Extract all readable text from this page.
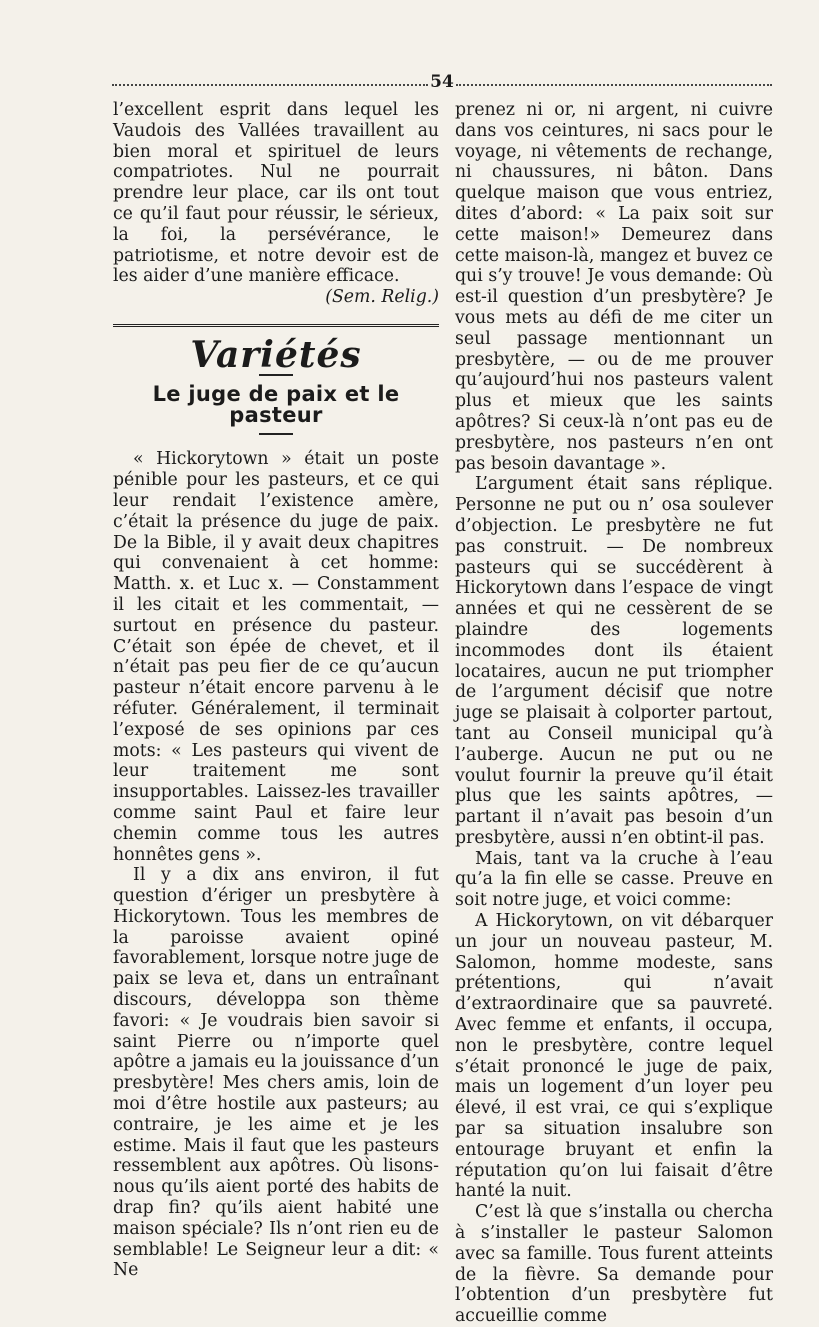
54

l’excellent esprit dans lequel les Vaudois des Vallées travaillent au bien moral et spirituel de leurs compatriotes. Nul ne pourrait prendre leur place, car ils ont tout ce qu’il faut pour réussir, le sérieux, la foi, la persévérance, le patriotisme, et notre devoir est de les aider d’une manière efficace.
(Sem. Relig.)

Variétés
Le juge de paix et le pasteur

« Hickorytown » était un poste pénible pour les pasteurs, et ce qui leur rendait l’existence amère, c’était la présence du juge de paix. De la Bible, il y avait deux chapitres qui convenaient à cet homme: Matth. x. et Luc x. — Constamment il les citait et les commentait, — surtout en présence du pasteur. C’était son épée de chevet, et il n’était pas peu fier de ce qu’aucun pasteur n’était encore parvenu à le réfuter. Généralement, il terminait l’exposé de ses opinions par ces mots: « Les pasteurs qui vivent de leur traitement me sont insupportables. Laissez-les travailler comme saint Paul et faire leur chemin comme tous les autres honnêtes gens ».

Il y a dix ans environ, il fut question d’ériger un presbytère à Hickorytown. Tous les membres de la paroisse avaient opiné favorablement, lorsque notre juge de paix se leva et, dans un entraînant discours, développa son thème favori: « Je voudrais bien savoir si saint Pierre ou n’importe quel apôtre a jamais eu la jouissance d’un presbytère! Mes chers amis, loin de moi d’être hostile aux pasteurs; au contraire, je les aime et je les estime. Mais il faut que les pasteurs ressemblent aux apôtres. Où lisons-nous qu’ils aient porté des habits de drap fin? qu’ils aient habité une maison spéciale? Ils n’ont rien eu de semblable! Le Seigneur leur a dit: « Ne

prenez ni or, ni argent, ni cuivre dans vos ceintures, ni sacs pour le voyage, ni vêtements de rechange, ni chaussures, ni bâton. Dans quelque maison que vous entriez, dites d’abord: « La paix soit sur cette maison!» Demeurez dans cette maison-là, mangez et buvez ce qui s’y trouve! Je vous demande: Où est-il question d’un presbytère? Je vous mets au défi de me citer un seul passage mentionnant un presbytère, — ou de me prouver qu’aujourd’hui nos pasteurs valent plus et mieux que les saints apôtres? Si ceux-là n’ont pas eu de presbytère, nos pasteurs n’en ont pas besoin davantage ».

L’argument était sans réplique. Personne ne put ou n’ osa soulever d’objection. Le presbytère ne fut pas construit. — De nombreux pasteurs qui se succédèrent à Hickorytown dans l’espace de vingt années et qui ne cessèrent de se plaindre des logements incommodes dont ils étaient locataires, aucun ne put triompher de l’argument décisif que notre juge se plaisait à colporter partout, tant au Conseil municipal qu’à l’auberge. Aucun ne put ou ne voulut fournir la preuve qu’il était plus que les saints apôtres, — partant il n’avait pas besoin d’un presbytère, aussi n’en obtint-il pas.

Mais, tant va la cruche à l’eau qu’a la fin elle se casse. Preuve en soit notre juge, et voici comme:

A Hickorytown, on vit débarquer un jour un nouveau pasteur, M. Salomon, homme modeste, sans prétentions, qui n’avait d’extraordinaire que sa pauvreté. Avec femme et enfants, il occupa, non le presbytère, contre lequel s’était prononcé le juge de paix, mais un logement d’un loyer peu élevé, il est vrai, ce qui s’explique par sa situation insalubre son entourage bruyant et enfin la réputation qu’on lui faisait d’être hanté la nuit.

C’est là que s’installa ou chercha à s’installer le pasteur Salomon avec sa famille. Tous furent atteints de la fièvre. Sa demande pour l’obtention d’un presbytère fut accueillie comme
